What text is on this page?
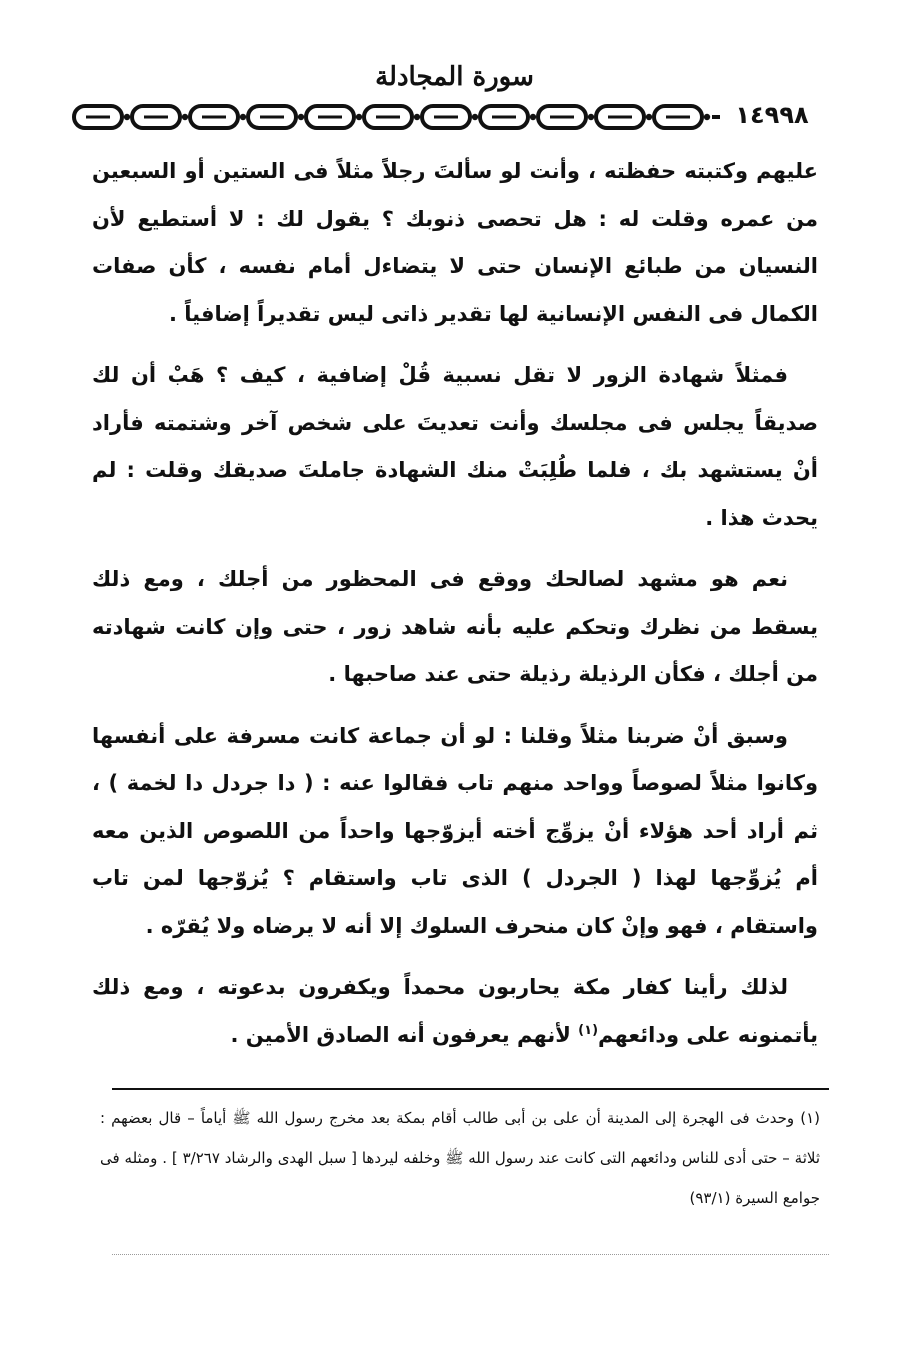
سورة المجادلة
١٤٩٩٨

عليهم وكتبته حفظته ، وأنت لو سألتَ رجلاً مثلاً فى الستين أو السبعين من عمره وقلت له : هل تحصى ذنوبك ؟ يقول لك : لا أستطيع لأن النسيان من طبائع الإنسان حتى لا يتضاءل أمام نفسه ، كأن صفات الكمال فى النفس الإنسانية لها تقدير ذاتى ليس تقديراً إضافياً .

فمثلاً شهادة الزور لا تقل نسبية قُلْ إضافية ، كيف ؟ هَبْ أن لك صديقاً يجلس فى مجلسك وأنت تعديتَ على شخص آخر وشتمته فأراد أنْ يستشهد بك ، فلما طُلِبَتْ منك الشهادة جاملتَ صديقك وقلت : لم يحدث هذا .

نعم هو مشهد لصالحك ووقع فى المحظور من أجلك ، ومع ذلك يسقط من نظرك وتحكم عليه بأنه شاهد زور ، حتى وإن كانت شهادته من أجلك ، فكأن الرذيلة رذيلة حتى عند صاحبها .

وسبق أنْ ضربنا مثلاً وقلنا : لو أن جماعة كانت مسرفة على أنفسها وكانوا مثلاً لصوصاً وواحد منهم تاب فقالوا عنه : ( دا جردل دا لخمة ) ، ثم أراد أحد هؤلاء أنْ يزوِّج أخته أيزوّجها واحداً من اللصوص الذين معه أم يُزوِّجها لهذا ( الجردل ) الذى تاب واستقام ؟ يُزوّجها لمن تاب واستقام ، فهو وإنْ كان منحرف السلوك إلا أنه لا يرضاه ولا يُقرّه .

لذلك رأينا كفار مكة يحاربون محمداً ويكفرون بدعوته ، ومع ذلك يأتمنونه على ودائعهم$^{(١)}$ لأنهم يعرفون أنه الصادق الأمين .

(١) وحدث فى الهجرة إلى المدينة أن على بن أبى طالب أقام بمكة بعد مخرج رسول الله ﷺ أياماً – قال بعضهم : ثلاثة – حتى أدى للناس ودائعهم التى كانت عند رسول الله ﷺ وخلفه ليردها [ سبل الهدى والرشاد ٣/٢٦٧ ] . ومثله فى جوامع السيرة (٩٣/١)
